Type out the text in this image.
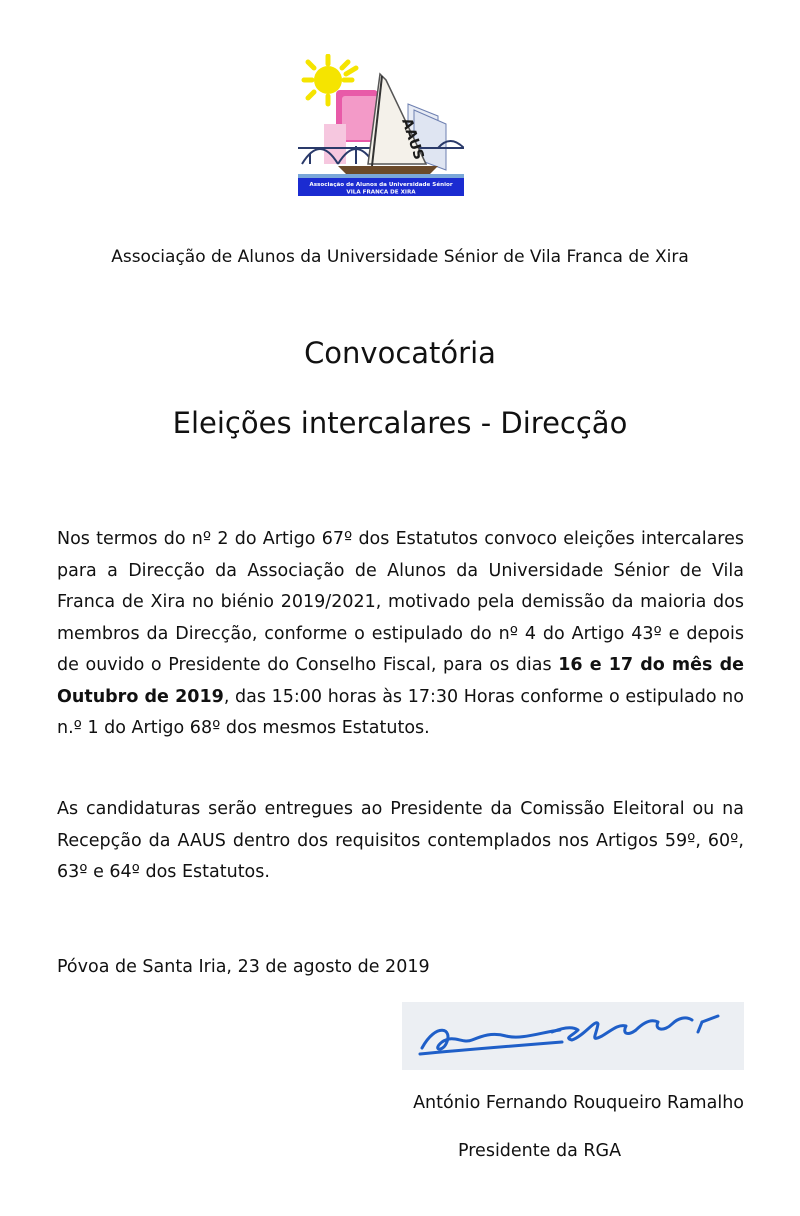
AAUS
Associação de Alunos da Universidade Sénior
VILA FRANCA DE XIRA
Associação de Alunos da Universidade Sénior de Vila Franca de Xira
Convocatória
Eleições intercalares - Direcção

Nos termos do nº 2 do Artigo 67º dos Estatutos convoco eleições intercalares para a Direcção da Associação de Alunos da Universidade Sénior de Vila Franca de Xira no biénio 2019/2021, motivado pela demissão da maioria dos membros da Direcção, conforme o estipulado do nº 4 do Artigo 43º e depois de ouvido o Presidente do Conselho Fiscal, para os dias 16 e 17 do mês de Outubro de 2019, das 15:00 horas às 17:30 Horas conforme o estipulado no n.º 1 do Artigo 68º dos mesmos Estatutos.

As candidaturas serão entregues ao Presidente da Comissão Eleitoral ou na Recepção da AAUS dentro dos requisitos contemplados nos Artigos 59º, 60º, 63º e 64º dos Estatutos.

Póvoa de Santa Iria, 23 de agosto de 2019
António Fernando Rouqueiro Ramalho
Presidente da RGA
